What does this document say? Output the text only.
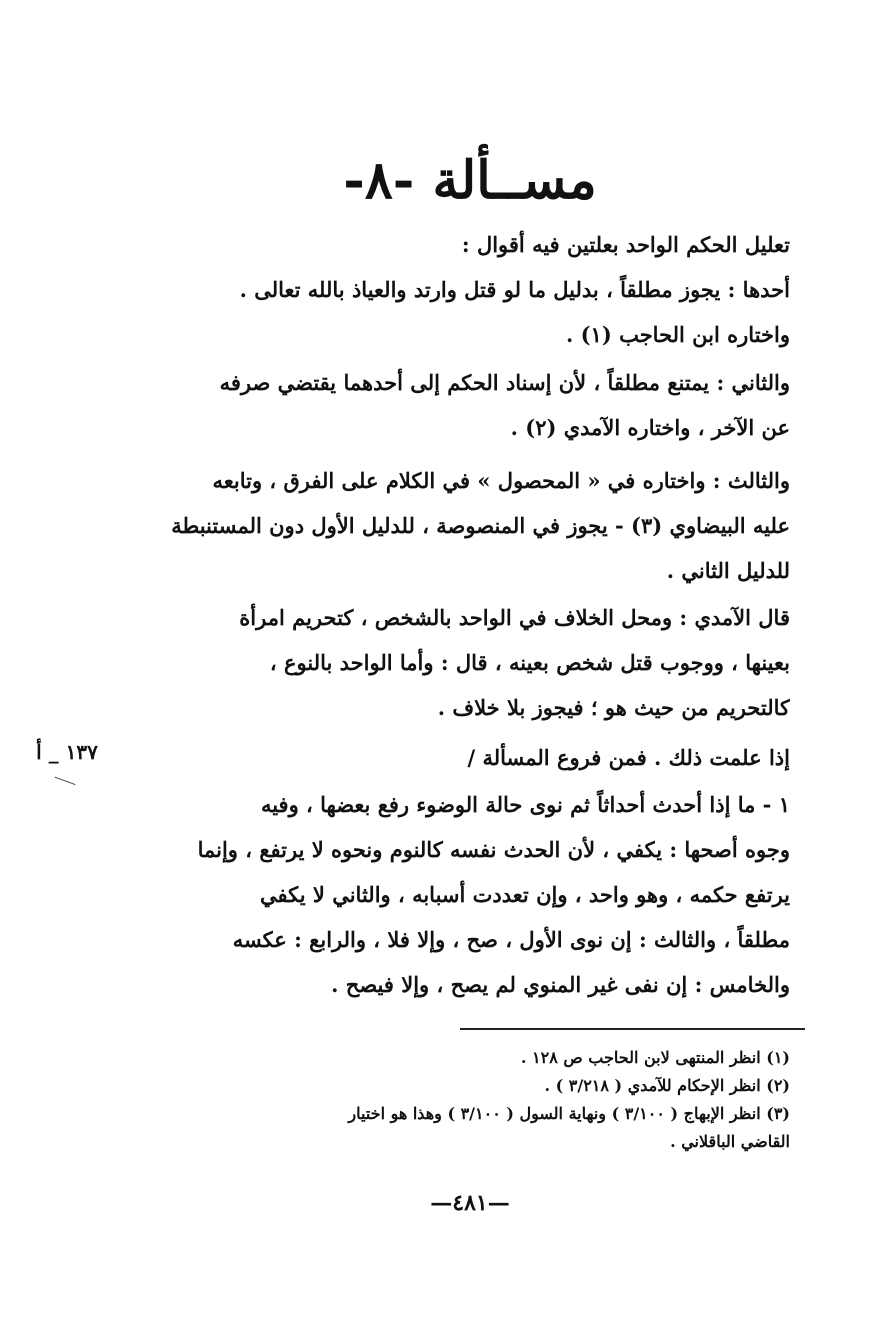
مســألة -٨-
تعليل الحكم الواحد بعلتين فيه أقوال :
أحدها : يجوز مطلقاً ، بدليل ما لو قتل وارتد والعياذ بالله تعالى .
واختاره ابن الحاجب (١) .
والثاني : يمتنع مطلقاً ، لأن إسناد الحكم إلى أحدهما يقتضي صرفه
عن الآخر ، واختاره الآمدي (٢) .
والثالث : واختاره في « المحصول » في الكلام على الفرق ، وتابعه
عليه البيضاوي (٣) - يجوز في المنصوصة ، للدليل الأول دون المستنبطة
للدليل الثاني .
قال الآمدي : ومحل الخلاف في الواحد بالشخص ، كتحريم امرأة
بعينها ، ووجوب قتل شخص بعينه ، قال : وأما الواحد بالنوع ،
كالتحريم من حيث هو ؛ فيجوز بلا خلاف .
إذا علمت ذلك . فمن فروع المسألة /
١ - ما إذا أحدث أحداثاً ثم نوى حالة الوضوء رفع بعضها ، وفيه
وجوه أصحها : يكفي ، لأن الحدث نفسه كالنوم ونحوه لا يرتفع ، وإنما
يرتفع حكمه ، وهو واحد ، وإن تعددت أسبابه ، والثاني لا يكفي
مطلقاً ، والثالث : إن نوى الأول ، صح ، وإلا فلا ، والرابع : عكسه
والخامس : إن نفى غير المنوي لم يصح ، وإلا فيصح .
١٣٧ _ أ
(١) انظر المنتهى لابن الحاجب ص ١٢٨ .
(٢) انظر الإحكام للآمدي ( ٣/٢١٨ ) .
(٣) انظر الإبهاج ( ٣/١٠٠ ) ونهاية السول ( ٣/١٠٠ ) وهذا هو اختيار
القاضي الباقلاني .
—٤٨١—
